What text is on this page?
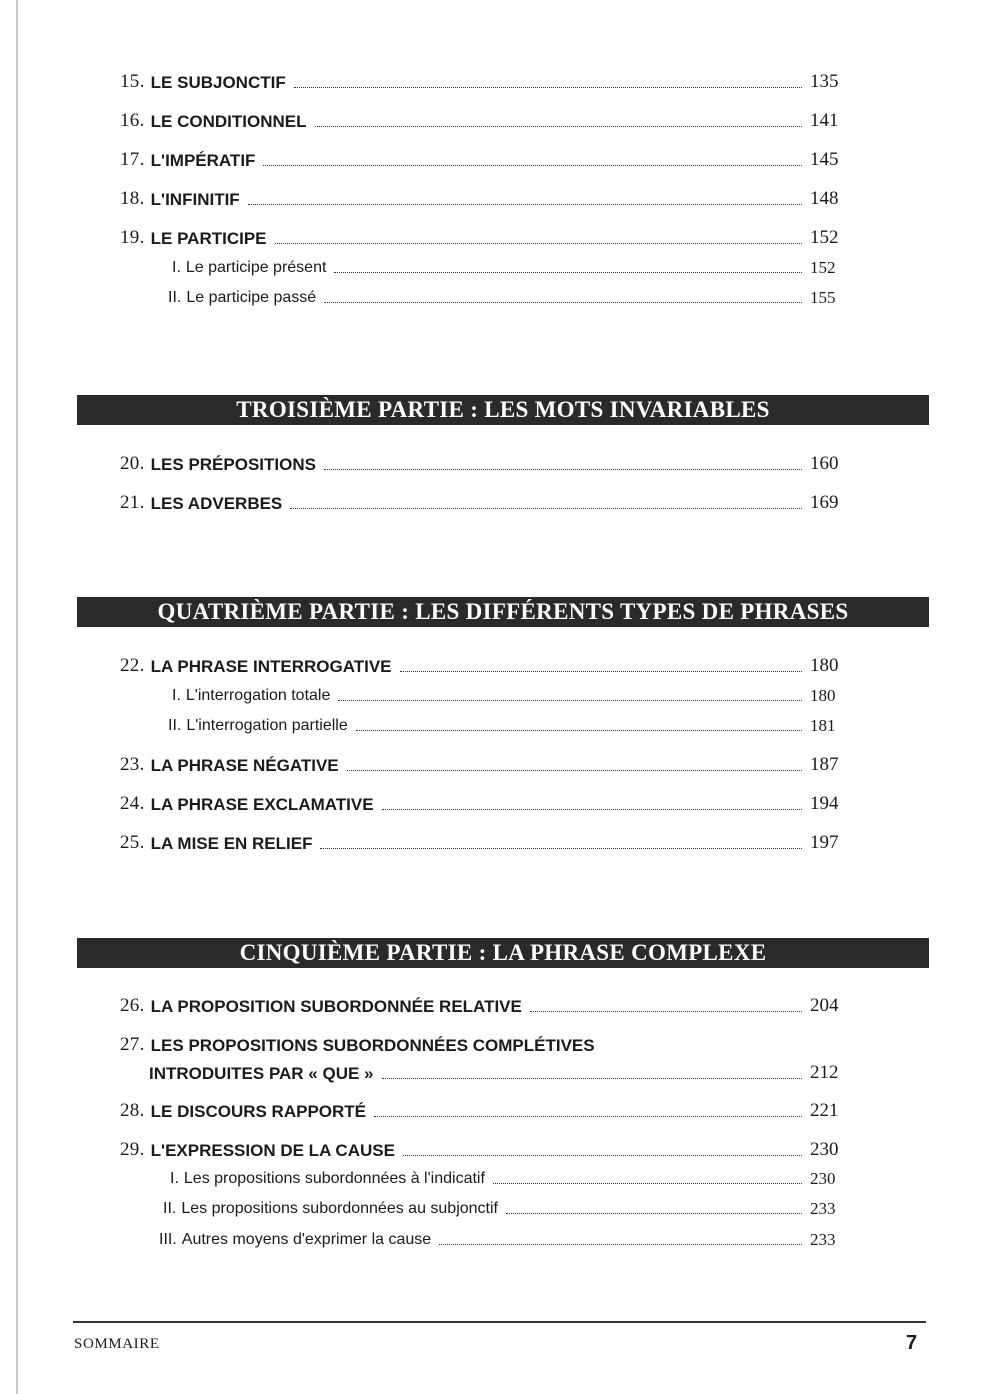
15. LE SUBJONCTIF	135
16. LE CONDITIONNEL	141
17. L'IMPÉRATIF	145
18. L'INFINITIF	148
19. LE PARTICIPE	152
I. Le participe présent	152
II. Le participe passé	155
TROISIÈME PARTIE : LES MOTS INVARIABLES
20. LES PRÉPOSITIONS	160
21. LES ADVERBES	169
QUATRIÈME PARTIE : LES DIFFÉRENTS TYPES DE PHRASES
22. LA PHRASE INTERROGATIVE	180
I. L'interrogation totale	180
II. L'interrogation partielle	181
23. LA PHRASE NÉGATIVE	187
24. LA PHRASE EXCLAMATIVE	194
25. LA MISE EN RELIEF	197
CINQUIÈME PARTIE : LA PHRASE COMPLEXE
26. LA PROPOSITION SUBORDONNÉE RELATIVE	204
27. LES PROPOSITIONS SUBORDONNÉES COMPLÉTIVES
INTRODUITES PAR « QUE »	212
28. LE DISCOURS RAPPORTÉ	221
29. L'EXPRESSION DE LA CAUSE	230
I. Les propositions subordonnées à l'indicatif	230
II. Les propositions subordonnées au subjonctif	233
III. Autres moyens d'exprimer la cause	233
SOMMAIRE	7
